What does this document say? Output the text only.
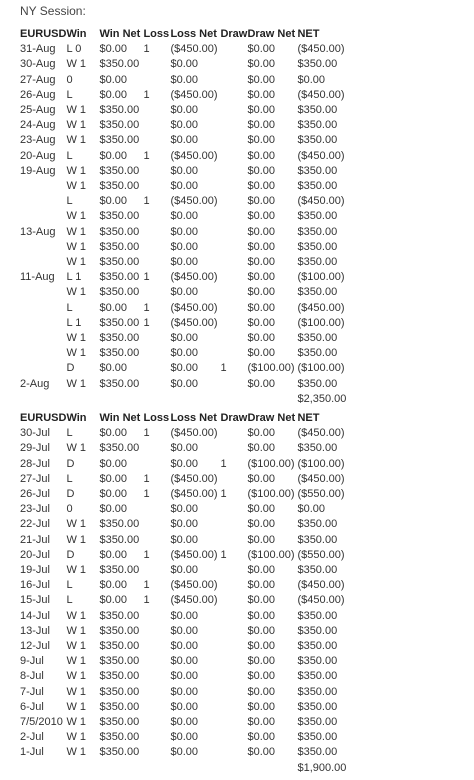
NY Session:
EURUSD	Win	Win Net	Loss	Loss Net	Draw	Draw Net	NET
31-Aug	L 0	$0.00	1	($450.00)		$0.00	($450.00)
30-Aug	W 1	$350.00		$0.00		$0.00	$350.00
27-Aug	0	$0.00		$0.00		$0.00	$0.00
26-Aug	L	$0.00	1	($450.00)		$0.00	($450.00)
25-Aug	W 1	$350.00		$0.00		$0.00	$350.00
24-Aug	W 1	$350.00		$0.00		$0.00	$350.00
23-Aug	W 1	$350.00		$0.00		$0.00	$350.00
20-Aug	L	$0.00	1	($450.00)		$0.00	($450.00)
19-Aug	W 1	$350.00		$0.00		$0.00	$350.00
	W 1	$350.00		$0.00		$0.00	$350.00
	L	$0.00	1	($450.00)		$0.00	($450.00)
	W 1	$350.00		$0.00		$0.00	$350.00
13-Aug	W 1	$350.00		$0.00		$0.00	$350.00
	W 1	$350.00		$0.00		$0.00	$350.00
	W 1	$350.00		$0.00		$0.00	$350.00
11-Aug	L 1	$350.00	1	($450.00)		$0.00	($100.00)
	W 1	$350.00		$0.00		$0.00	$350.00
	L	$0.00	1	($450.00)		$0.00	($450.00)
	L 1	$350.00	1	($450.00)		$0.00	($100.00)
	W 1	$350.00		$0.00		$0.00	$350.00
	W 1	$350.00		$0.00		$0.00	$350.00
	D	$0.00		$0.00	1	($100.00)	($100.00)
2-Aug	W 1	$350.00		$0.00		$0.00	$350.00
							$2,350.00
EURUSD	Win	Win Net	Loss	Loss Net	Draw	Draw Net	NET
30-Jul	L	$0.00	1	($450.00)		$0.00	($450.00)
29-Jul	W 1	$350.00		$0.00		$0.00	$350.00
28-Jul	D	$0.00		$0.00	1	($100.00)	($100.00)
27-Jul	L	$0.00	1	($450.00)		$0.00	($450.00)
26-Jul	D	$0.00	1	($450.00)	1	($100.00)	($550.00)
23-Jul	0	$0.00		$0.00		$0.00	$0.00
22-Jul	W 1	$350.00		$0.00		$0.00	$350.00
21-Jul	W 1	$350.00		$0.00		$0.00	$350.00
20-Jul	D	$0.00	1	($450.00)	1	($100.00)	($550.00)
19-Jul	W 1	$350.00		$0.00		$0.00	$350.00
16-Jul	L	$0.00	1	($450.00)		$0.00	($450.00)
15-Jul	L	$0.00	1	($450.00)		$0.00	($450.00)
14-Jul	W 1	$350.00		$0.00		$0.00	$350.00
13-Jul	W 1	$350.00		$0.00		$0.00	$350.00
12-Jul	W 1	$350.00		$0.00		$0.00	$350.00
9-Jul	W 1	$350.00		$0.00		$0.00	$350.00
8-Jul	W 1	$350.00		$0.00		$0.00	$350.00
7-Jul	W 1	$350.00		$0.00		$0.00	$350.00
6-Jul	W 1	$350.00		$0.00		$0.00	$350.00
7/5/2010	W 1	$350.00		$0.00		$0.00	$350.00
2-Jul	W 1	$350.00		$0.00		$0.00	$350.00
1-Jul	W 1	$350.00		$0.00		$0.00	$350.00
							$1,900.00
